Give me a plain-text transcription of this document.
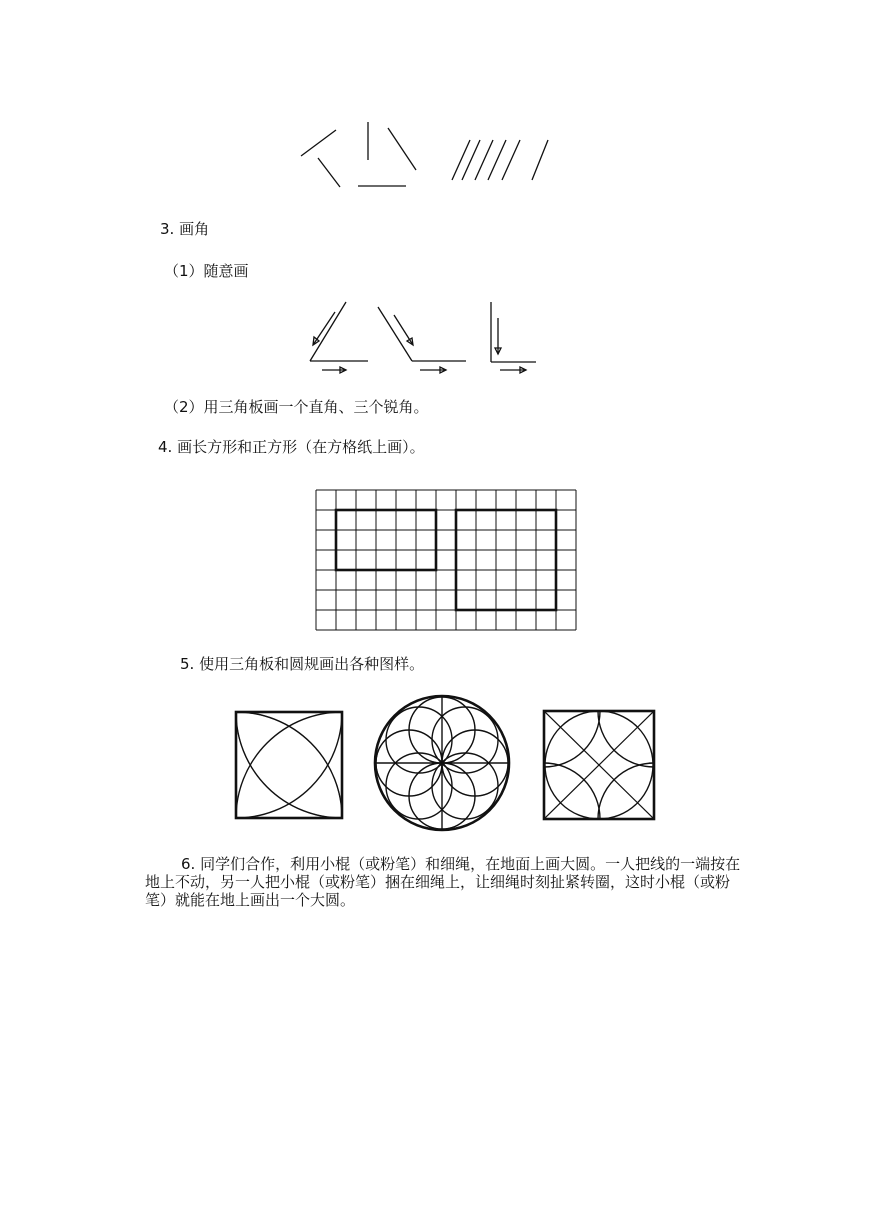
3. 画角
（1）随意画
（2）用三角板画一个直角、三个锐角。
4. 画长方形和正方形（在方格纸上画）。
5. 使用三角板和圆规画出各种图样。
6. 同学们合作，利用小棍（或粉笔）和细绳，在地面上画大圆。一人把线的一端按在地上不动，另一人把小棍（或粉笔）捆在细绳上，让细绳时刻扯紧转圈，这时小棍（或粉笔）就能在地上画出一个大圆。
